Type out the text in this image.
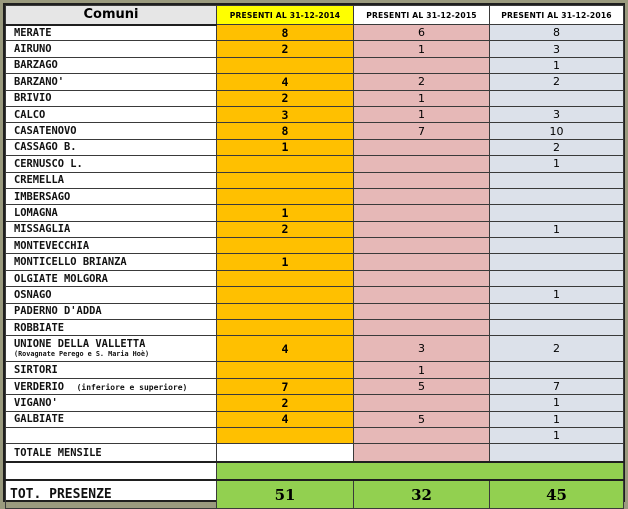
Comuni	PRESENTI AL 31-12-2014	PRESENTI AL 31-12-2015	PRESENTI AL 31-12-2016
MERATE	8	6	8
AIRUNO	2	1	3
BARZAGO			1
BARZANO'	4	2	2
BRIVIO	2	1	
CALCO	3	1	3
CASATENOVO	8	7	10
CASSAGO B.	1		2
CERNUSCO L.			1
CREMELLA			
IMBERSAGO			
LOMAGNA	1		
MISSAGLIA	2		1
MONTEVECCHIA			
MONTICELLO BRIANZA	1		
OLGIATE MOLGORA			
OSNAGO			1
PADERNO D'ADDA			
ROBBIATE			

UNIONE DELLA VALLETTA
(Rovagnate Perego e S. Maria Hoè)	4	3	2
SIRTORI		1	
VERDERIO (inferiore e superiore)	7	5	7
VIGANO'	2		1
GALBIATE	4	5	1
			1
TOTALE MENSILE			

TOT. PRESENZE	51	32	45
